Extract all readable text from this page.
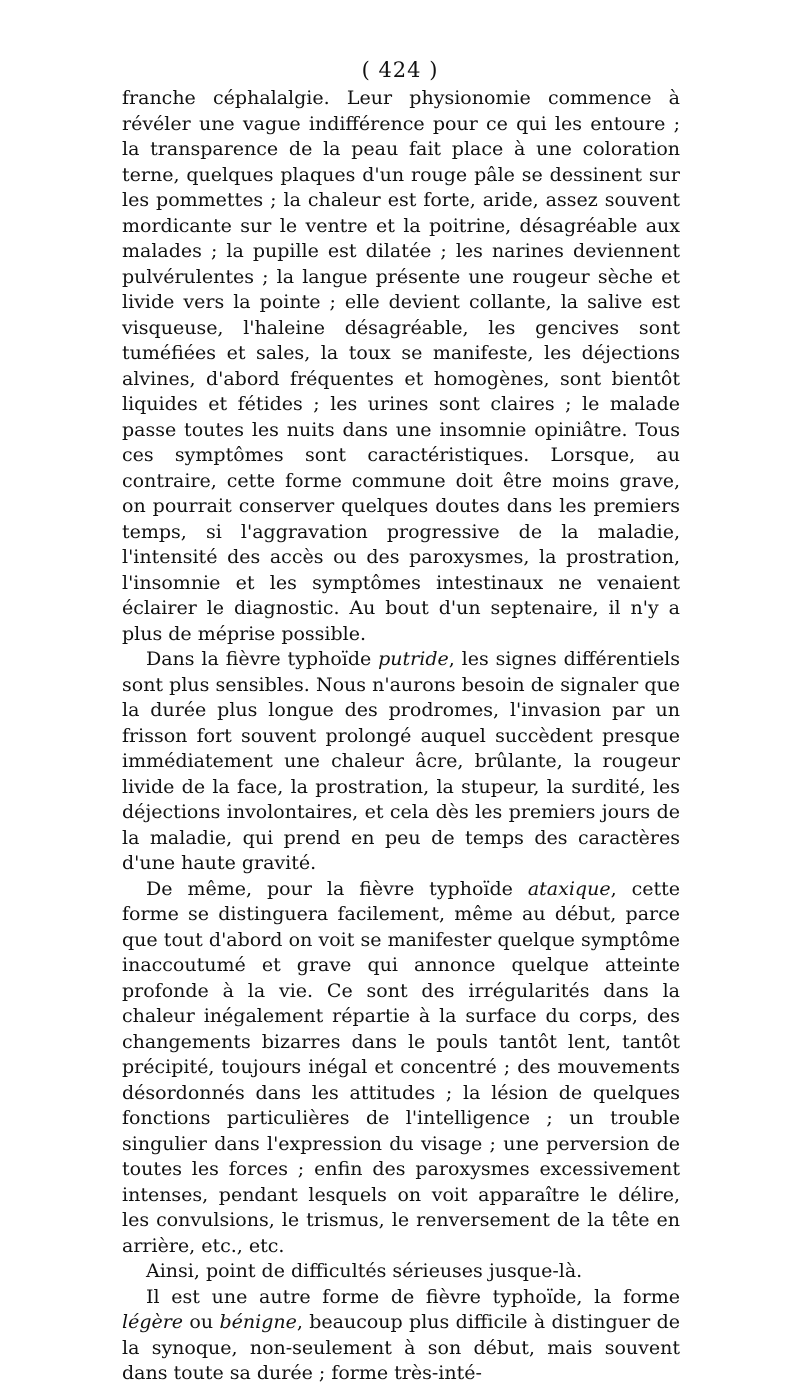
( 424 )

franche céphalalgie. Leur physionomie commence à révéler une vague indifférence pour ce qui les entoure ; la transparence de la peau fait place à une coloration terne, quelques plaques d'un rouge pâle se dessinent sur les pommettes ; la chaleur est forte, aride, assez souvent mordicante sur le ventre et la poitrine, désagréable aux malades ; la pupille est dilatée ; les narines deviennent pulvérulentes ; la langue présente une rougeur sèche et livide vers la pointe ; elle devient collante, la salive est visqueuse, l'haleine désagréable, les gencives sont tuméfiées et sales, la toux se manifeste, les déjections alvines, d'abord fréquentes et homogènes, sont bientôt liquides et fétides ; les urines sont claires ; le malade passe toutes les nuits dans une insomnie opiniâtre. Tous ces symptômes sont caractéristiques. Lorsque, au contraire, cette forme commune doit être moins grave, on pourrait conserver quelques doutes dans les premiers temps, si l'aggravation progressive de la maladie, l'intensité des accès ou des paroxysmes, la prostration, l'insomnie et les symptômes intestinaux ne venaient éclairer le diagnostic. Au bout d'un septenaire, il n'y a plus de méprise possible.

Dans la fièvre typhoïde putride, les signes différentiels sont plus sensibles. Nous n'aurons besoin de signaler que la durée plus longue des prodromes, l'invasion par un frisson fort souvent prolongé auquel succèdent presque immédiatement une chaleur âcre, brûlante, la rougeur livide de la face, la prostration, la stupeur, la surdité, les déjections involontaires, et cela dès les premiers jours de la maladie, qui prend en peu de temps des caractères d'une haute gravité.

De même, pour la fièvre typhoïde ataxique, cette forme se distinguera facilement, même au début, parce que tout d'abord on voit se manifester quelque symptôme inaccoutumé et grave qui annonce quelque atteinte profonde à la vie. Ce sont des irrégularités dans la chaleur inégalement répartie à la surface du corps, des changements bizarres dans le pouls tantôt lent, tantôt précipité, toujours inégal et concentré ; des mouvements désordonnés dans les attitudes ; la lésion de quelques fonctions particulières de l'intelligence ; un trouble singulier dans l'expression du visage ; une perversion de toutes les forces ; enfin des paroxysmes excessivement intenses, pendant lesquels on voit apparaître le délire, les convulsions, le trismus, le renversement de la tête en arrière, etc., etc.

Ainsi, point de difficultés sérieuses jusque-là.

Il est une autre forme de fièvre typhoïde, la forme légère ou bénigne, beaucoup plus difficile à distinguer de la synoque, non-seulement à son début, mais souvent dans toute sa durée ; forme très-inté-
